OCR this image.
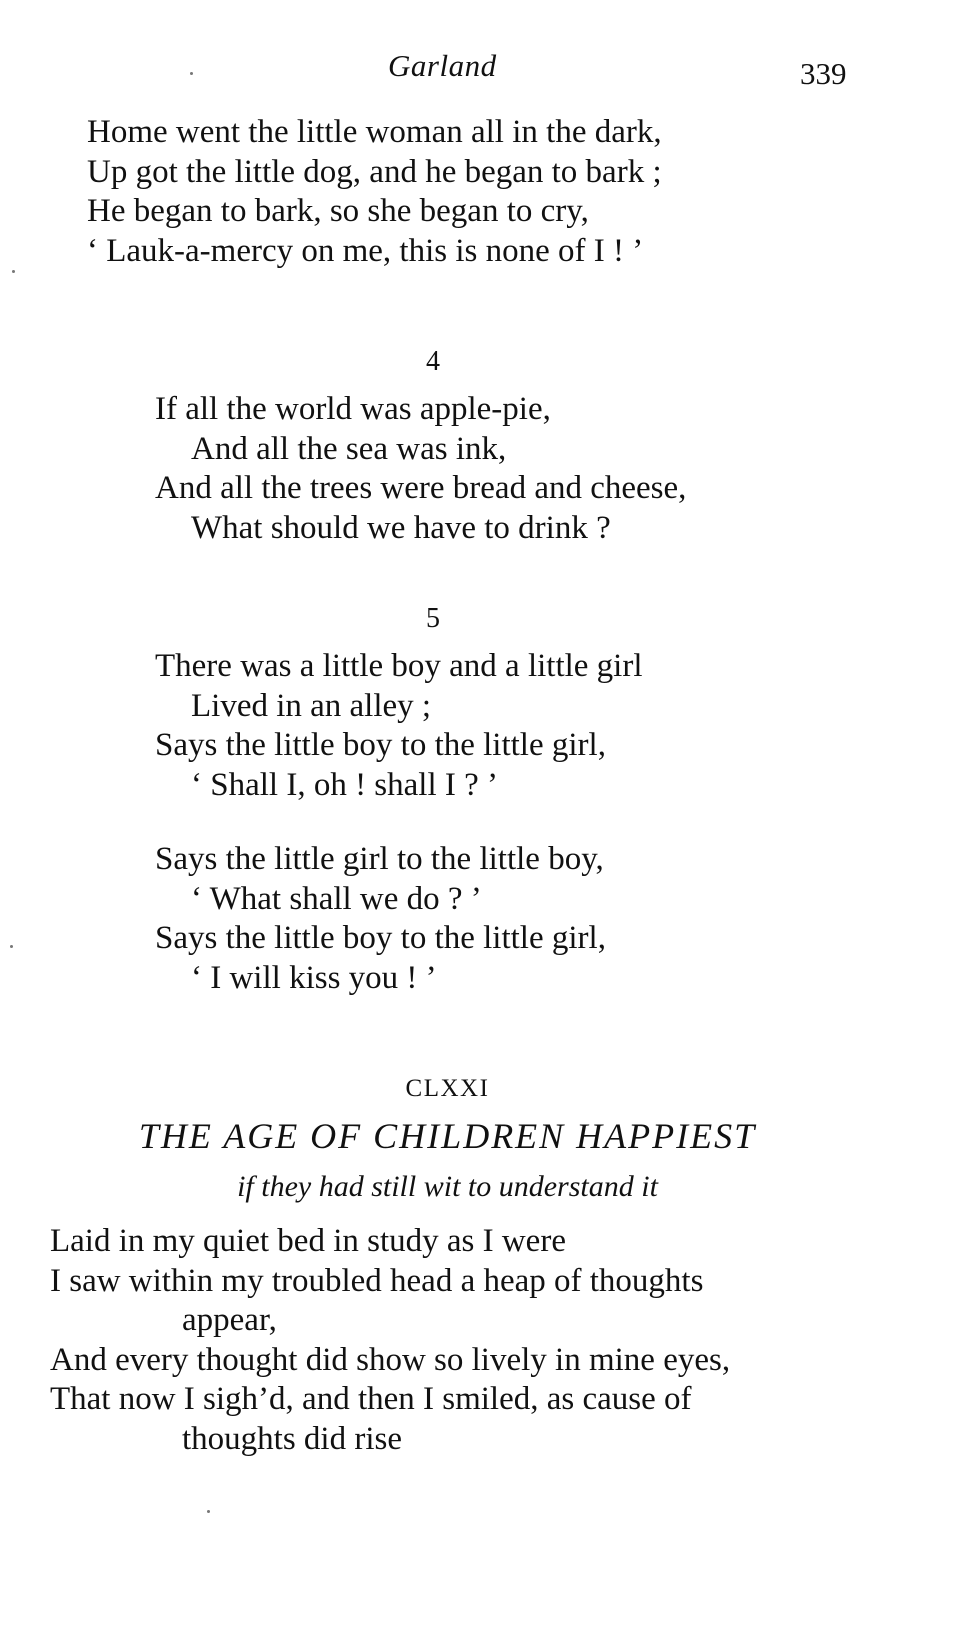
Garland	339
Home went the little woman all in the dark,
Up got the little dog, and he began to bark ;
He began to bark, so she began to cry,
‘ Lauk-a-mercy on me, this is none of I ! ’
4
If all the world was apple-pie,
And all the sea was ink,
And all the trees were bread and cheese,
What should we have to drink ?
5
There was a little boy and a little girl
Lived in an alley ;
Says the little boy to the little girl,
‘ Shall I, oh ! shall I ? ’
Says the little girl to the little boy,
‘ What shall we do ? ’
Says the little boy to the little girl,
‘ I will kiss you ! ’
CLXXI
THE AGE OF CHILDREN HAPPIEST
if they had still wit to understand it
Laid in my quiet bed in study as I were
I saw within my troubled head a heap of thoughts
appear,
And every thought did show so lively in mine eyes,
That now I sigh’d, and then I smiled, as cause of
thoughts did rise
